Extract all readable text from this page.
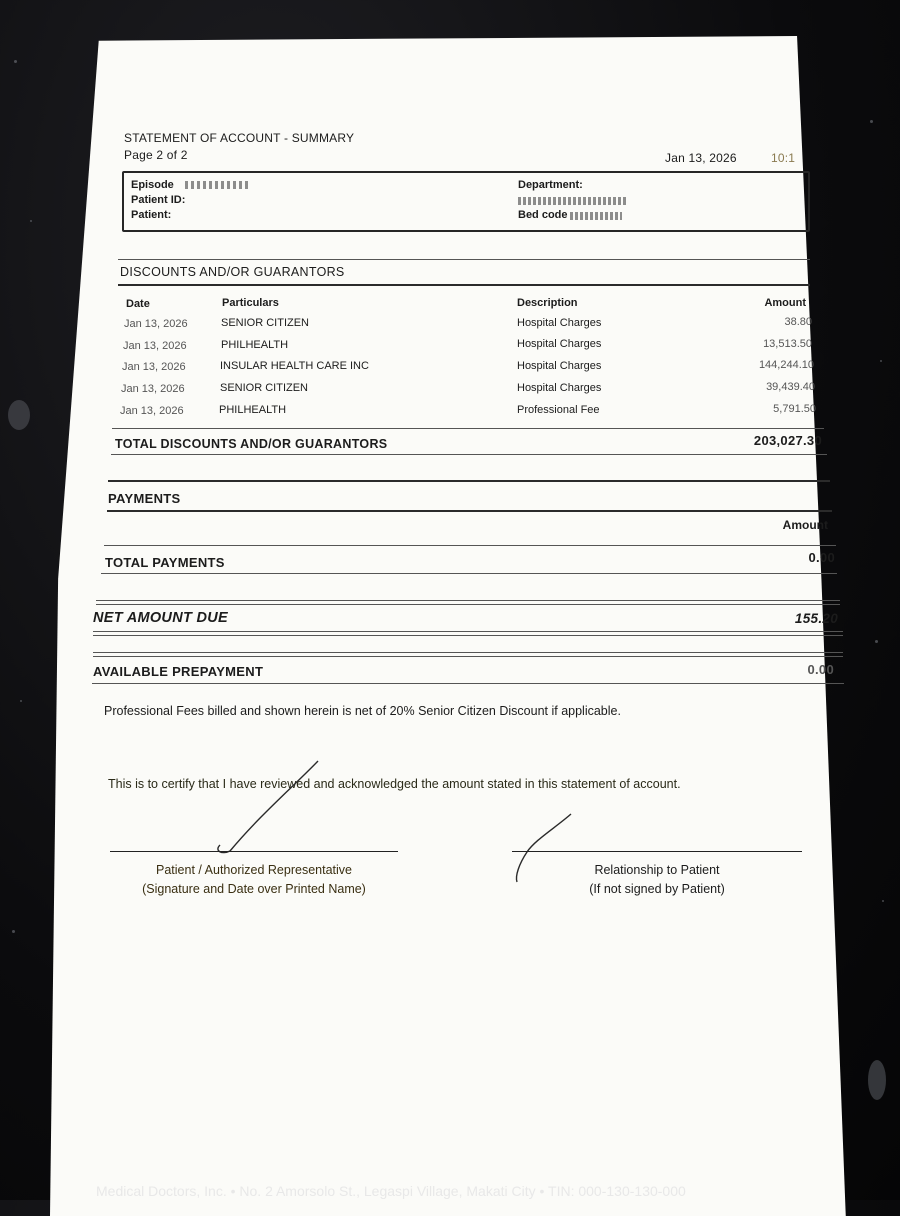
STATEMENT OF ACCOUNT - SUMMARY
Page 2 of 2	Jan 13, 2026	10:1
Episode
Patient ID:
Patient:
Department:
Bed code
DISCOUNTS AND/OR GUARANTORS
Date	Particulars	Description	Amount
Jan 13, 2026	SENIOR CITIZEN	Hospital Charges	38.80
Jan 13, 2026	PHILHEALTH	Hospital Charges	13,513.50
Jan 13, 2026	INSULAR HEALTH CARE INC	Hospital Charges	144,244.10
Jan 13, 2026	SENIOR CITIZEN	Hospital Charges	39,439.40
Jan 13, 2026	PHILHEALTH	Professional Fee	5,791.50
TOTAL DISCOUNTS AND/OR GUARANTORS	203,027.30
PAYMENTS
Amount
TOTAL PAYMENTS	0.00
NET AMOUNT DUE	155.20
AVAILABLE PREPAYMENT	0.00
Professional Fees billed and shown herein is net of 20% Senior Citizen Discount if applicable.
This is to certify that I have reviewed and acknowledged the amount stated in this statement of account.
Patient / Authorized Representative
(Signature and Date over Printed Name)
Relationship to Patient
(If not signed by Patient)
Medical Doctors, Inc. • No. 2 Amorsolo St., Legaspi Village, Makati City • TIN: 000-130-130-000
